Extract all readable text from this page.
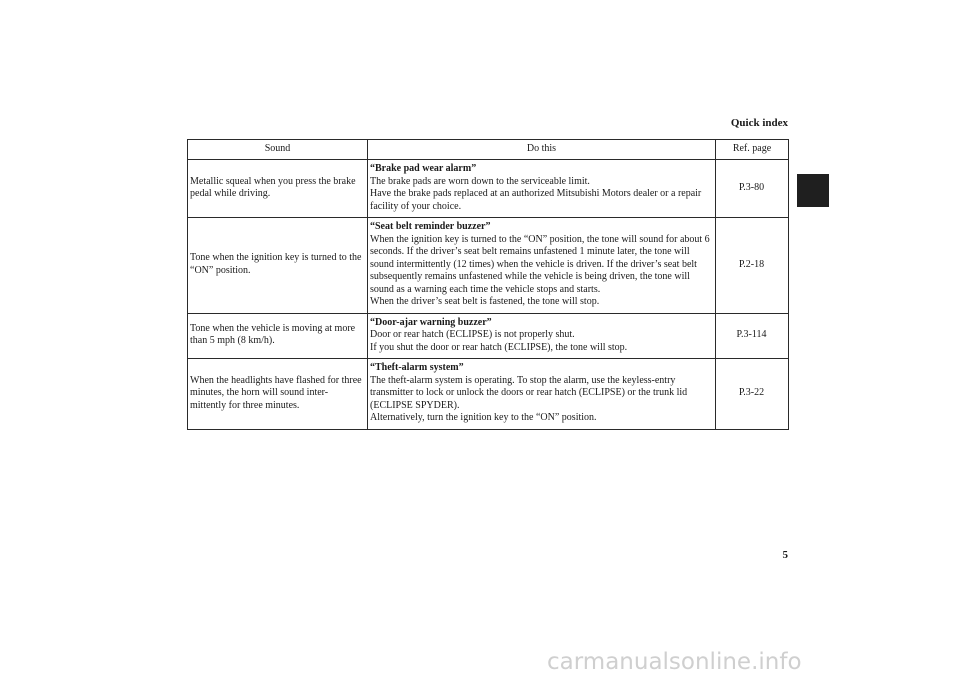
Quick index
Sound	Do this	Ref. page
Metallic squeal when you press the brake pedal while driving.	“Brake pad wear alarm”
The brake pads are worn down to the serviceable limit.
Have the brake pads replaced at an authorized Mitsubishi Motors dealer or a repair facility of your choice.	P.3-80
Tone when the ignition key is turned to the “ON” position.	“Seat belt reminder buzzer”
When the ignition key is turned to the “ON” position, the tone will sound for about 6 seconds. If the driver’s seat belt remains unfastened 1 minute later, the tone will sound intermittently (12 times) when the vehicle is driven. If the driver’s seat belt subsequently remains unfastened while the vehicle is being driven, the tone will sound as a warning each time the vehicle stops and starts.
When the driver’s seat belt is fastened, the tone will stop.	P.2-18
Tone when the vehicle is moving at more than 5 mph (8 km/h).	“Door-ajar warning buzzer”
Door or rear hatch (ECLIPSE) is not properly shut.
If you shut the door or rear hatch (ECLIPSE), the tone will stop.	P.3-114
When the headlights have flashed for three minutes, the horn will sound inter-mittently for three minutes.	“Theft-alarm system”
The theft-alarm system is operating. To stop the alarm, use the keyless-entry transmitter to lock or unlock the doors or rear hatch (ECLIPSE) or the trunk lid (ECLIPSE SPYDER).
Alternatively, turn the ignition key to the “ON” position.	P.3-22
5
carmanualsonline.info
